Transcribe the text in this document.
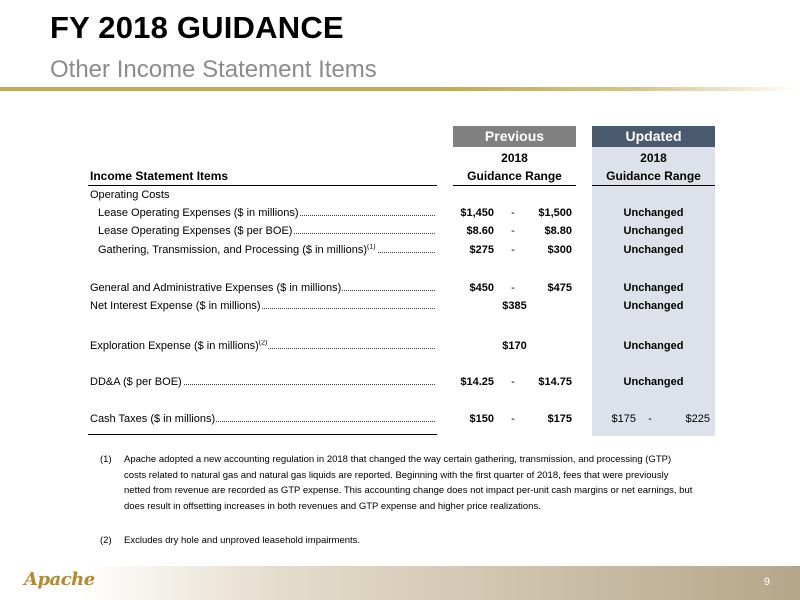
FY 2018 GUIDANCE
Other Income Statement Items
Previous	Updated
2018	2018
Guidance Range	Guidance Range
Income Statement Items
Operating Costs
Lease Operating Expenses ($ in millions)	$1,450 -	$1,500	Unchanged
Lease Operating Expenses ($ per BOE)	$8.60 -	$8.80	Unchanged
Gathering, Transmission, and Processing ($ in millions)$^{(1)}$	$275 -	$300	Unchanged
General and Administrative Expenses ($ in millions)	$450 -	$475	Unchanged
Net Interest Expense ($ in millions)	$385	Unchanged
Exploration Expense ($ in millions)$^{(2)}$	$170	Unchanged
DD&A ($ per BOE)	$14.25 -	$14.75	Unchanged
Cash Taxes ($ in millions)	$150 -	$175	$175 -	$225
(1) Apache adopted a new accounting regulation in 2018 that changed the way certain gathering, transmission, and processing (GTP) costs related to natural gas and natural gas liquids are reported. Beginning with the first quarter of 2018, fees that were previously netted from revenue are recorded as GTP expense. This accounting change does not impact per-unit cash margins or net earnings, but does result in offsetting increases in both revenues and GTP expense and higher price realizations.
(2) Excludes dry hole and unproved leasehold impairments.
Apache	9
